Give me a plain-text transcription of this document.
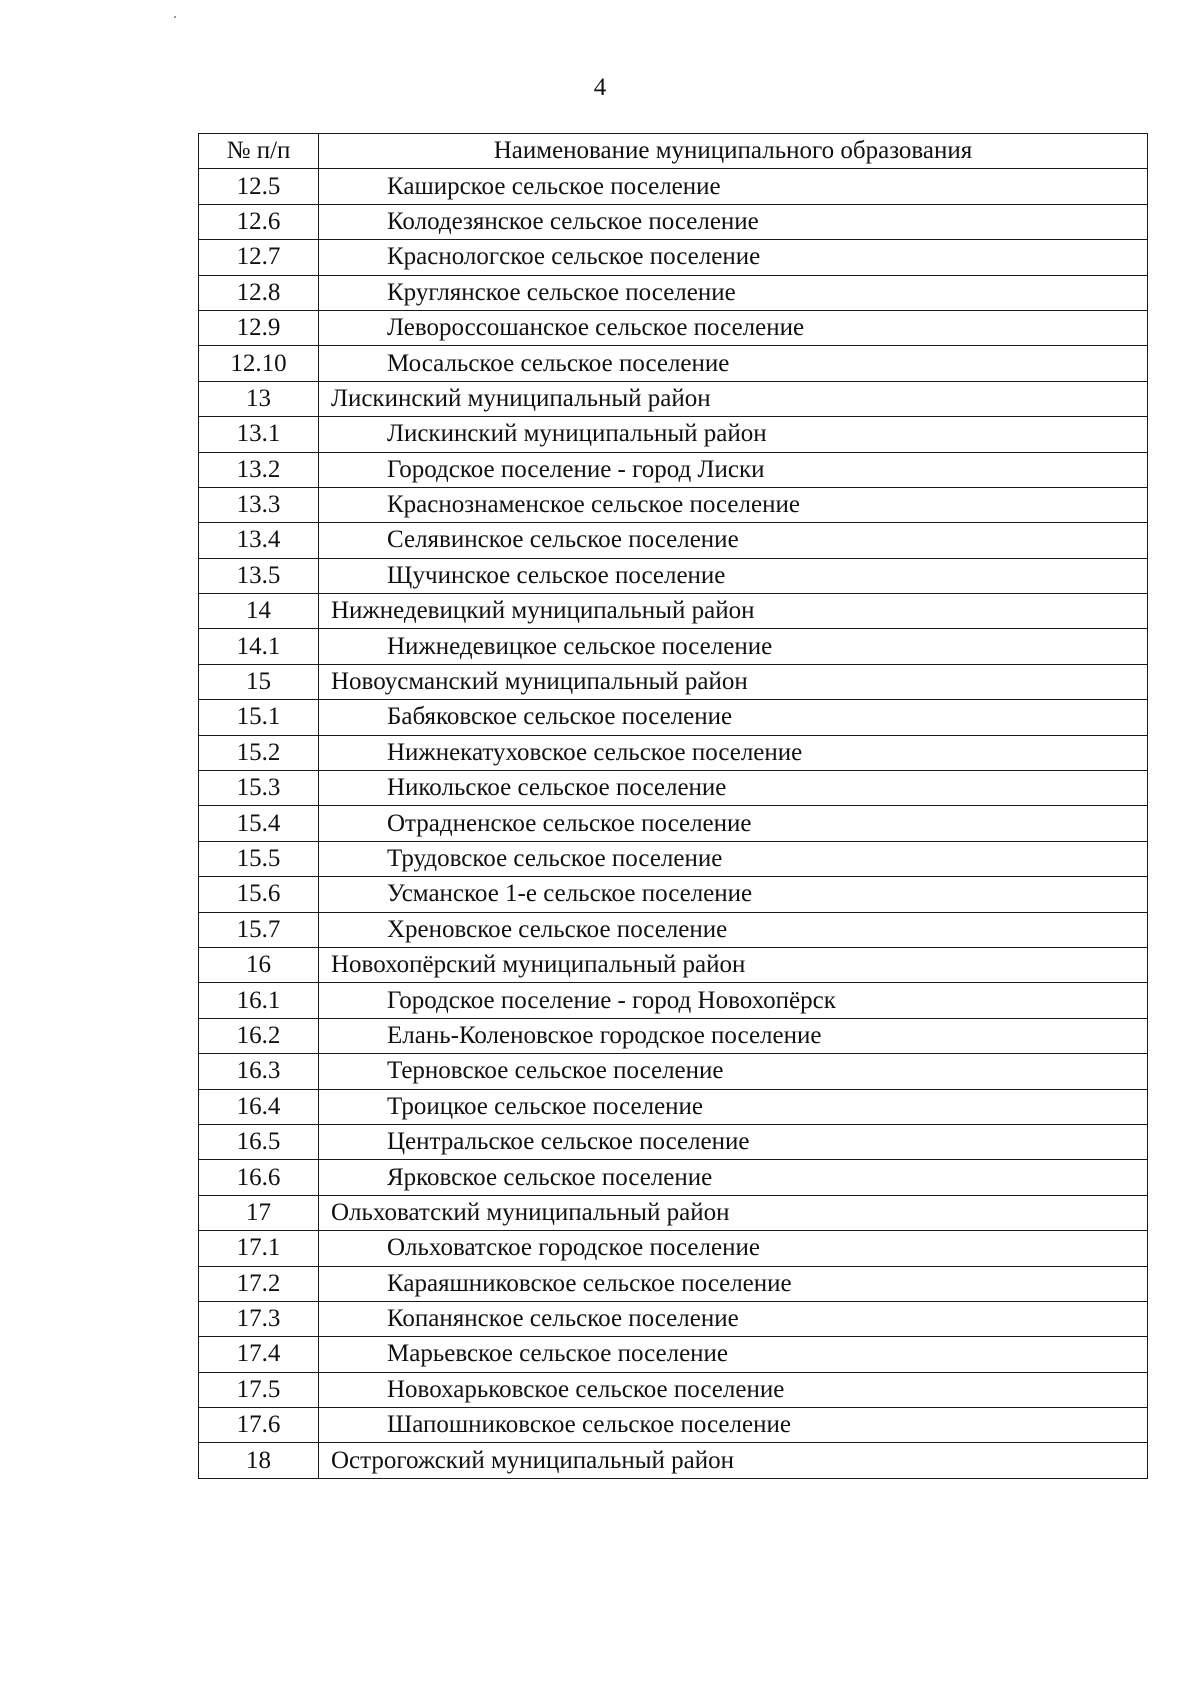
4
№ п/п	Наименование муниципального образования
12.5	Каширское сельское поселение
12.6	Колодезянское сельское поселение
12.7	Краснологское сельское поселение
12.8	Круглянское сельское поселение
12.9	Левороссошанское сельское поселение
12.10	Мосальское сельское поселение
13	Лискинский муниципальный район
13.1	Лискинский муниципальный район
13.2	Городское поселение - город Лиски
13.3	Краснознаменское сельское поселение
13.4	Селявинское сельское поселение
13.5	Щучинское сельское поселение
14	Нижнедевицкий муниципальный район
14.1	Нижнедевицкое сельское поселение
15	Новоусманский муниципальный район
15.1	Бабяковское сельское поселение
15.2	Нижнекатуховское сельское поселение
15.3	Никольское сельское поселение
15.4	Отрадненское сельское поселение
15.5	Трудовское сельское поселение
15.6	Усманское 1-е сельское поселение
15.7	Хреновское сельское поселение
16	Новохопёрский муниципальный район
16.1	Городское поселение - город Новохопёрск
16.2	Елань-Коленовское городское поселение
16.3	Терновское сельское поселение
16.4	Троицкое сельское поселение
16.5	Центральское сельское поселение
16.6	Ярковское сельское поселение
17	Ольховатский муниципальный район
17.1	Ольховатское городское поселение
17.2	Караяшниковское сельское поселение
17.3	Копанянское сельское поселение
17.4	Марьевское сельское поселение
17.5	Новохарьковское сельское поселение
17.6	Шапошниковское сельское поселение
18	Острогожский муниципальный район
